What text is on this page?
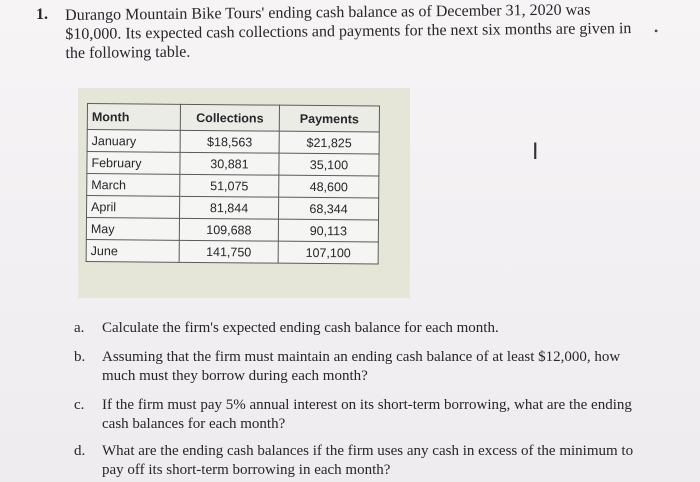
1. Durango Mountain Bike Tours' ending cash balance as of December 31, 2020 was $10,000. Its expected cash collections and payments for the next six months are given in the following table.
•
Month	Collections	Payments
January	$18,563	$21,825
February	30,881	35,100
March	51,075	48,600
April	81,844	68,344
May	109,688	90,113
June	141,750	107,100
I
a. Calculate the firm's expected ending cash balance for each month.
b. Assuming that the firm must maintain an ending cash balance of at least $12,000, how much must they borrow during each month?
c. If the firm must pay 5% annual interest on its short-term borrowing, what are the ending cash balances for each month?
d. What are the ending cash balances if the firm uses any cash in excess of the minimum to pay off its short-term borrowing in each month?
